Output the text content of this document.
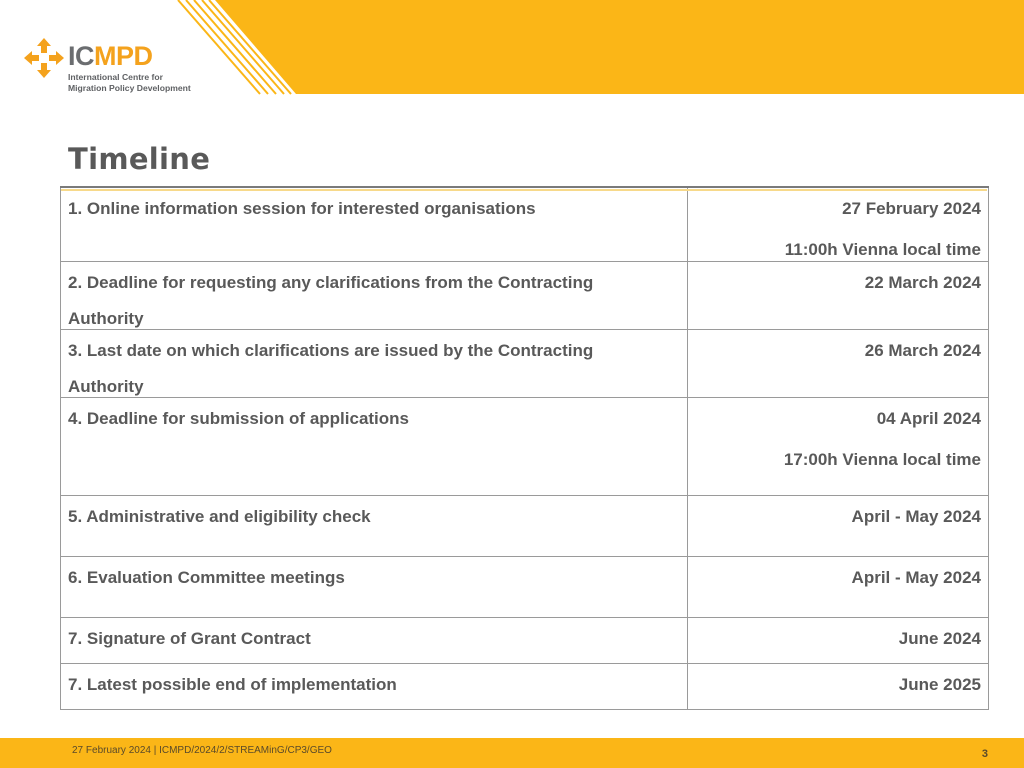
ICMPD
International Centre for
Migration Policy Development
Timeline
1. Online information session for interested organisations	27 February 2024
11:00h Vienna local time

2. Deadline for requesting any clarifications from the Contracting
Authority	22 March 2024
3. Last date on which clarifications are issued by the Contracting
Authority	26 March 2024
4. Deadline for submission of applications	04 April 2024
17:00h Vienna local time

5. Administrative and eligibility check	April - May 2024
6. Evaluation Committee meetings	April - May 2024
7. Signature of Grant Contract	June 2024
7. Latest possible end of implementation	June 2025
27 February 2024 | ICMPD/2024/2/STREAMinG/CP3/GEO	3
